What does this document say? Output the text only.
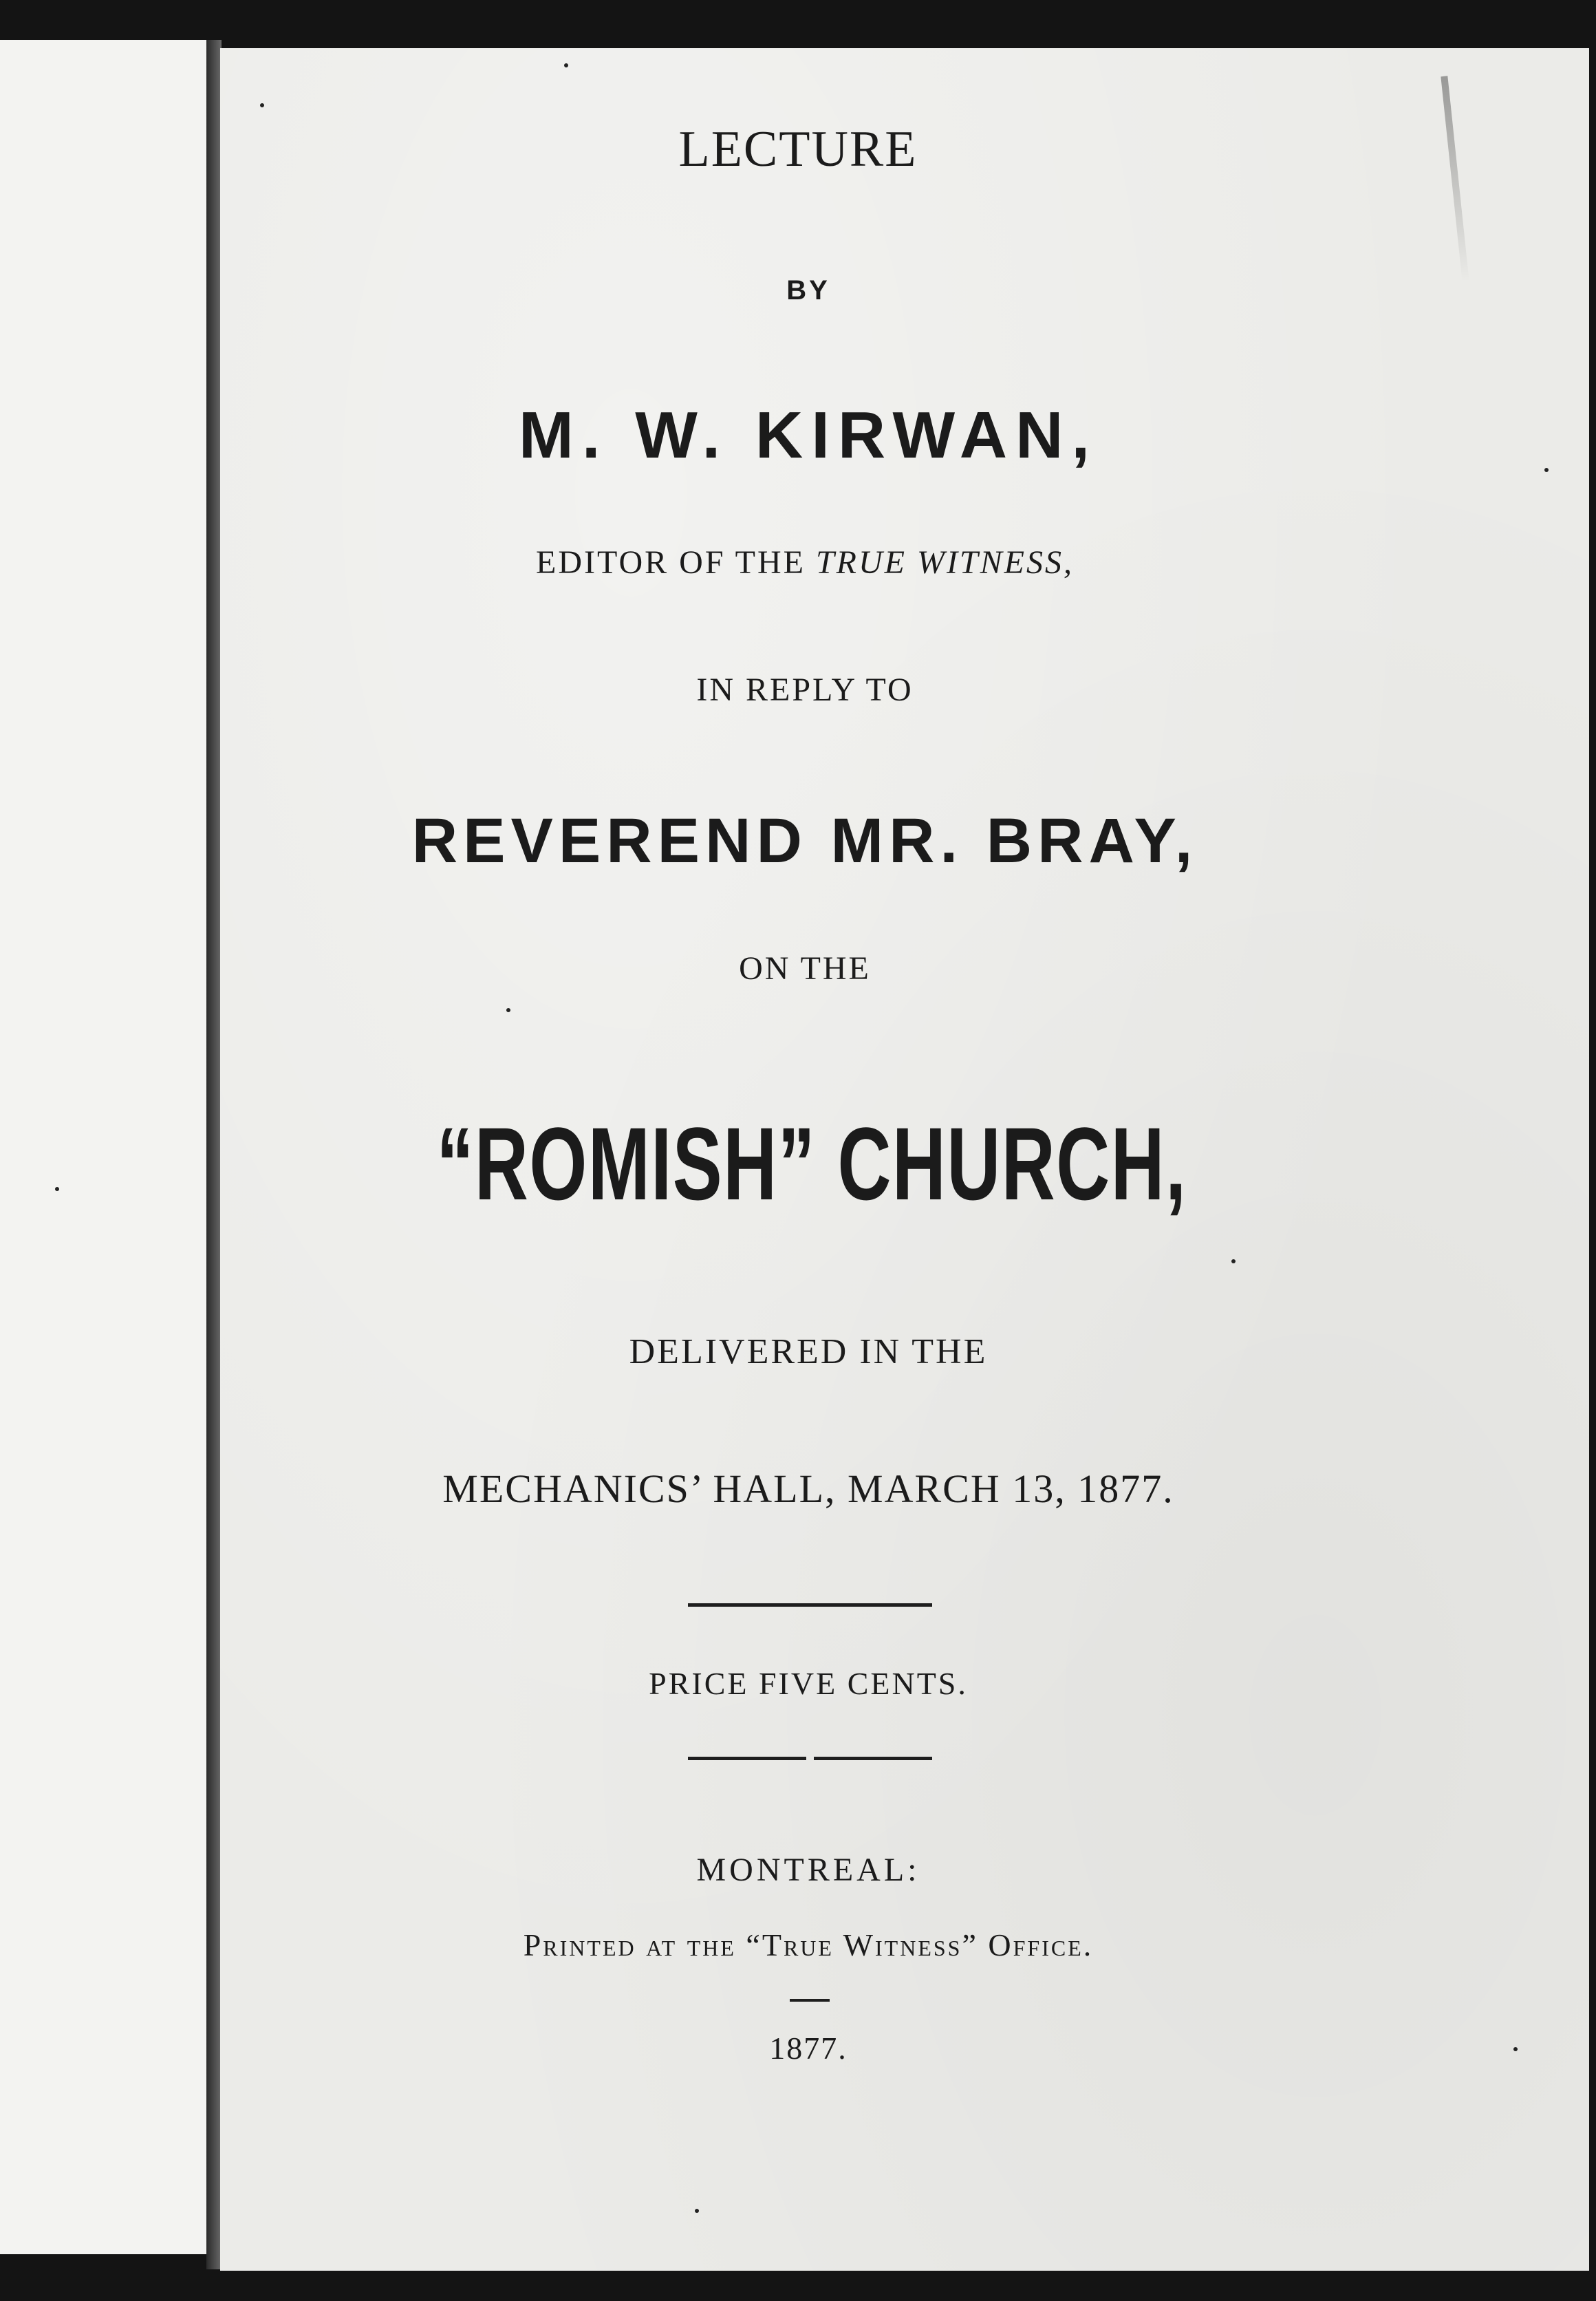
LECTURE
BY
M. W. KIRWAN,
EDITOR OF THE TRUE WITNESS,
IN REPLY TO
REVEREND MR. BRAY,
ON THE
“ROMISH” CHURCH,
DELIVERED IN THE
MECHANICS’ HALL, MARCH 13, 1877.
PRICE FIVE CENTS.
MONTREAL:
Printed at the “True Witness” Office.
1877.
